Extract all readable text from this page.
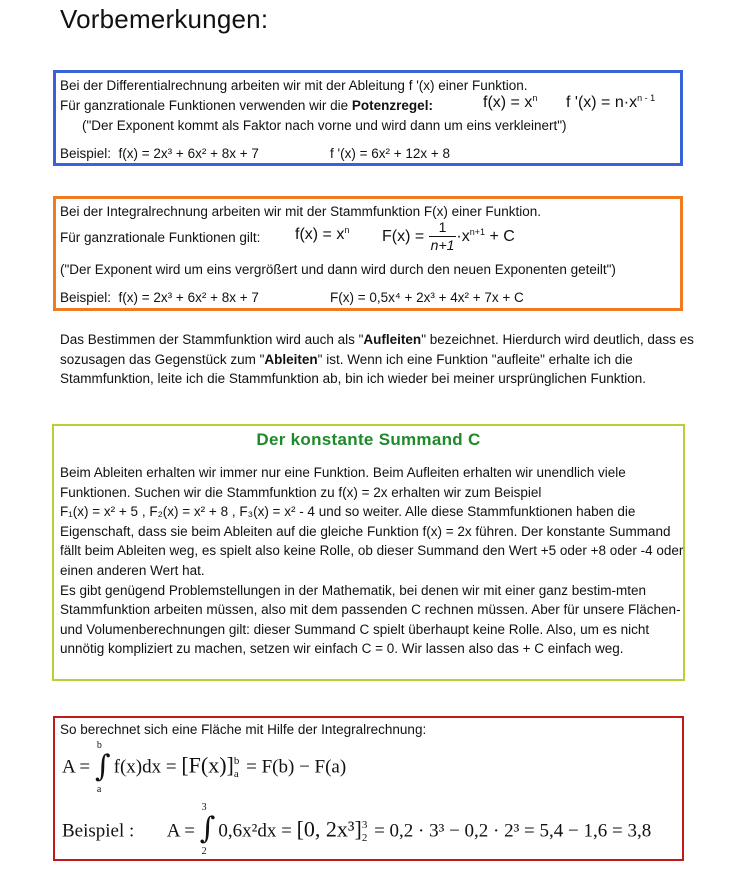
Vorbemerkungen:
Bei der Differentialrechnung arbeiten wir mit der Ableitung f '(x) einer Funktion.
Für ganzrationale Funktionen verwenden wir die Potenzregel:	$f(x) = x^n$ f '$(x) = n\cdot x^{n - 1}$
("Der Exponent kommt als Faktor nach vorne und wird dann um eins verkleinert")
Beispiel: f(x) = 2x³ + 6x² + 8x + 7	f '(x) = 6x² + 12x + 8
Bei der Integralrechnung arbeiten wir mit der Stammfunktion F(x) einer Funktion.
Für ganzrationale Funktionen gilt: $f(x) = x^n$ $F(x) = \frac{1}{n+1} \cdot x^{n+1} + C$
("Der Exponent wird um eins vergrößert und dann wird durch den neuen Exponenten geteilt")
Beispiel: f(x) = 2x³ + 6x² + 8x + 7	F(x) = 0,5x⁴ + 2x³ + 4x² + 7x + C
Das Bestimmen der Stammfunktion wird auch als "Aufleiten" bezeichnet. Hierdurch wird deutlich, dass es sozusagen das Gegenstück zum "Ableiten" ist. Wenn ich eine Funktion "aufleite" erhalte ich die Stammfunktion, leite ich die Stammfunktion ab, bin ich wieder bei meiner ursprünglichen Funktion.
Der konstante Summand C
Beim Ableiten erhalten wir immer nur eine Funktion. Beim Aufleiten erhalten wir unendlich viele Funktionen. Suchen wir die Stammfunktion zu f(x) = 2x erhalten wir zum Beispiel
F₁(x) = x² + 5 , F₂(x) = x² + 8 , F₃(x) = x² - 4 und so weiter. Alle diese Stammfunktionen haben die Eigenschaft, dass sie beim Ableiten auf die gleiche Funktion f(x) = 2x führen. Der konstante Summand fällt beim Ableiten weg, es spielt also keine Rolle, ob dieser Summand den Wert +5 oder +8 oder -4 oder einen anderen Wert hat.
Es gibt genügend Problemstellungen in der Mathematik, bei denen wir mit einer ganz bestim-mten Stammfunktion arbeiten müssen, also mit dem passenden C rechnen müssen. Aber für unsere Flächen- und Volumenberechnungen gilt: dieser Summand C spielt überhaupt keine Rolle. Also, um es nicht unnötig kompliziert zu machen, setzen wir einfach C = 0. Wir lassen also das + C einfach weg.
So berechnet sich eine Fläche mit Hilfe der Integralrechnung:
A =
b
∫
a
f(x)dx = [F(x)] b
a = F(b) − F(a)
Beispiel : A =
3
∫
2
0,6x²dx = [0, 2x³] 3
2 = 0,2 · 3³ − 0,2 · 2³ = 5,4 − 1,6 = 3,8
